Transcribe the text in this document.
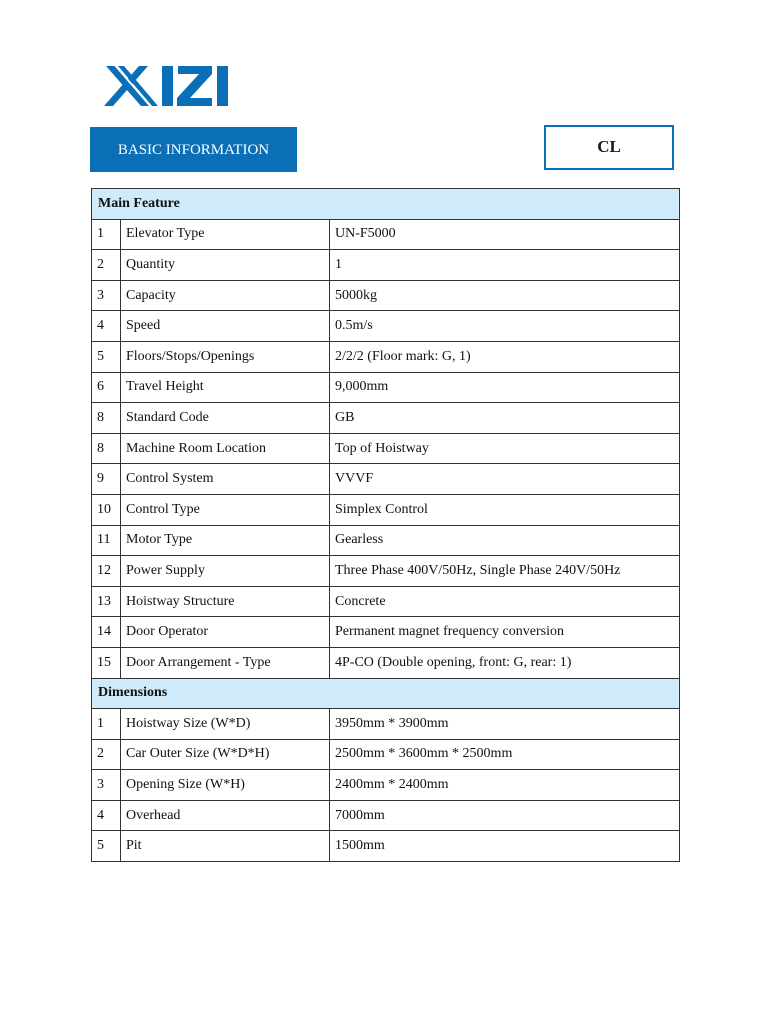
BASIC INFORMATION	CL
Main Feature		
1	Elevator Type	UN-F5000
2	Quantity	1
3	Capacity	5000kg
4	Speed	0.5m/s
5	Floors/Stops/Openings	2/2/2 (Floor mark: G, 1)
6	Travel Height	9,000mm
8	Standard Code	GB
8	Machine Room Location	Top of Hoistway
9	Control System	VVVF
10	Control Type	Simplex Control
11	Motor Type	Gearless
12	Power Supply	Three Phase 400V/50Hz, Single Phase 240V/50Hz
13	Hoistway Structure	Concrete
14	Door Operator	Permanent magnet frequency conversion
15	Door Arrangement - Type	4P-CO (Double opening, front: G, rear: 1)
Dimensions		
1	Hoistway Size (W*D)	3950mm * 3900mm
2	Car Outer Size (W*D*H)	2500mm * 3600mm * 2500mm
3	Opening Size (W*H)	2400mm * 2400mm
4	Overhead	7000mm
5	Pit	1500mm
